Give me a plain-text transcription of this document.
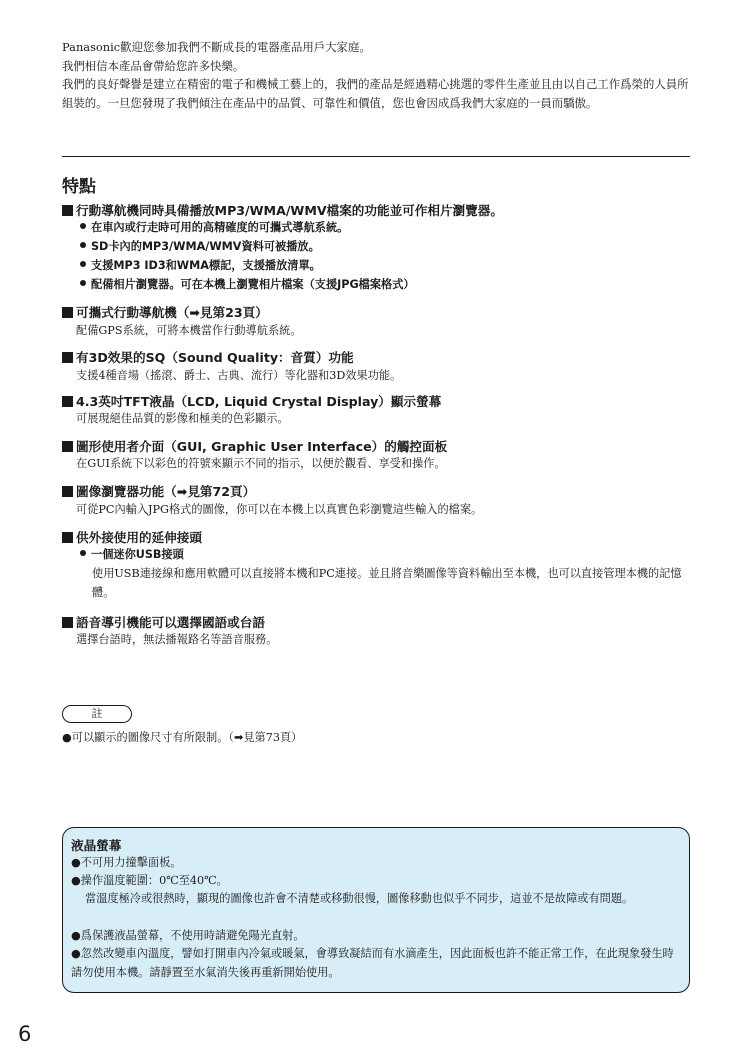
Panasonic歡迎您參加我們不斷成長的電器產品用戶大家庭。

我們相信本產品會帶給您許多快樂。

我們的良好聲譽是建立在精密的電子和機械工藝上的，我們的產品是經過精心挑選的零件生產並且由以自己工作爲榮的人員所組裝的。一旦您發現了我們傾注在產品中的品質、可靠性和價值，您也會因成爲我們大家庭的一員而驕傲。

特點
行動導航機同時具備播放MP3/WMA/WMV檔案的功能並可作相片瀏覽器。
在車內或行走時可用的高精確度的可攜式導航系統。
SD卡內的MP3/WMA/WMV資料可被播放。
支援MP3 ID3和WMA標記，支援播放清單。
配備相片瀏覽器。可在本機上瀏覽相片檔案（支援JPG檔案格式）
可攜式行動導航機（➡見第23頁）
配備GPS系統，可將本機當作行動導航系統。
有3D效果的SQ（Sound Quality：音質）功能
支援4種音場（搖滾、爵士、古典、流行）等化器和3D效果功能。
4.3英吋TFT液晶（LCD, Liquid Crystal Display）顯示螢幕
可展現絕佳品質的影像和極美的色彩顯示。
圖形使用者介面（GUI, Graphic User Interface）的觸控面板
在GUI系統下以彩色的符號來顯示不同的指示，以便於觀看、享受和操作。
圖像瀏覽器功能（➡見第72頁）
可從PC內輸入JPG格式的圖像，你可以在本機上以真實色彩瀏覽這些輸入的檔案。
供外接使用的延伸接頭
一個迷你USB接頭
使用USB連接線和應用軟體可以直接將本機和PC連接。並且將音樂圖像等資料輸出至本機，也可以直接管理本機的記憶體。
語音導引機能可以選擇國語或台語
選擇台語時，無法播報路名等語音服務。
註
●可以顯示的圖像尺寸有所限制。（➡見第73頁）
液晶螢幕
●不可用力撞擊面板。
●操作溫度範圍：0℃至40℃。
當溫度極冷或很熱時，顯現的圖像也許會不清楚或移動很慢，圖像移動也似乎不同步，這並不是故障或有問題。
●爲保護液晶螢幕，不使用時請避免陽光直射。
●忽然改變車內溫度，譬如打開車內冷氣或暖氣，會導致凝結而有水滴產生，因此面板也許不能正常工作，在此現象發生時請勿使用本機。請靜置至水氣消失後再重新開始使用。
6
